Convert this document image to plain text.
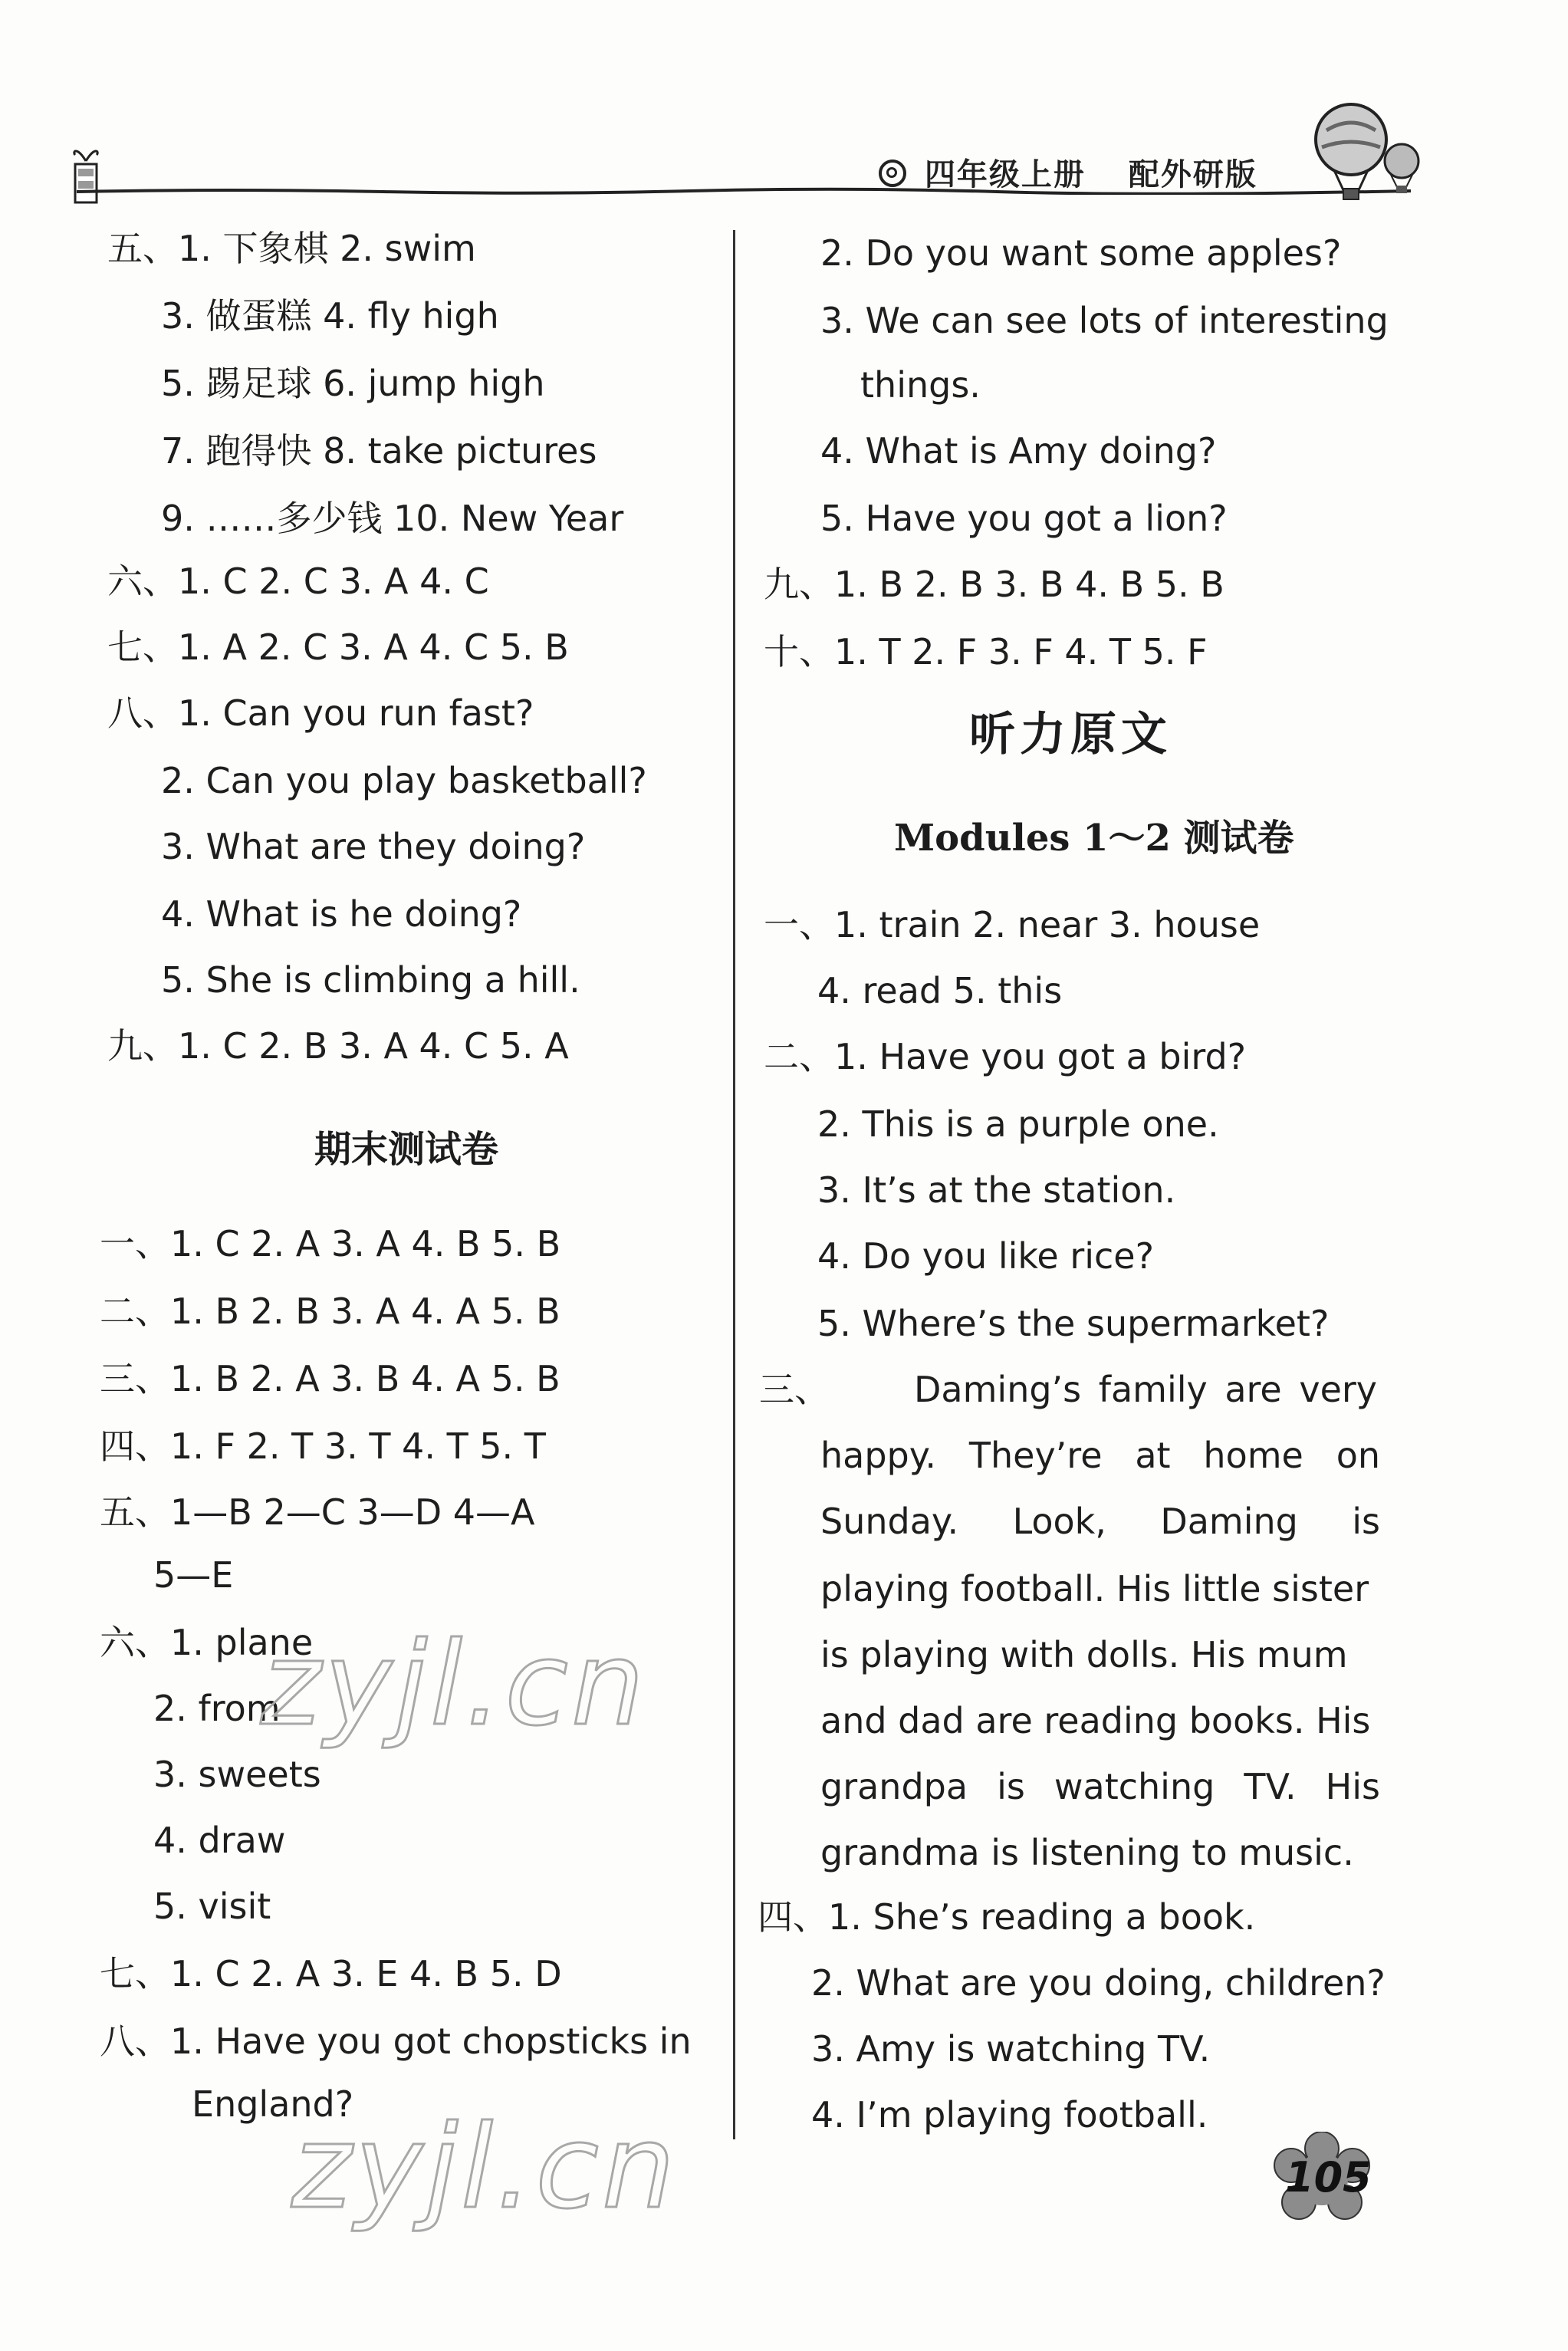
四年级上册 配外研版
五、1. 下象棋 2. swim
3. 做蛋糕 4. fly high
5. 踢足球 6. jump high
7. 跑得快 8. take pictures
9. ……多少钱 10. New Year
六、1. C 2. C 3. A 4. C
七、1. A 2. C 3. A 4. C 5. B
八、1. Can you run fast?
2. Can you play basketball?
3. What are they doing?
4. What is he doing?
5. She is climbing a hill.
九、1. C 2. B 3. A 4. C 5. A
期末测试卷
一、1. C 2. A 3. A 4. B 5. B
二、1. B 2. B 3. A 4. A 5. B
三、1. B 2. A 3. B 4. A 5. B
四、1. F 2. T 3. T 4. T 5. T
五、1—B 2—C 3—D 4—A
5—E
六、1. plane
2. from
3. sweets
4. draw
5. visit
七、1. C 2. A 3. E 4. B 5. D
八、1. Have you got chopsticks in
England?
2. Do you want some apples?
3. We can see lots of interesting
things.
4. What is Amy doing?
5. Have you got a lion?
九、1. B 2. B 3. B 4. B 5. B
十、1. T 2. F 3. F 4. T 5. F
听力原文
Modules 1～2 测试卷
一、1. train 2. near 3. house
4. read 5. this
二、1. Have you got a bird?
2. This is a purple one.
3. It’s at the station.
4. Do you like rice?
5. Where’s the supermarket?
三、 Daming’s family are very
happy. They’re at home on
Sunday. Look, Daming is
playing football. His little sister
is playing with dolls. His mum
and dad are reading books. His
grandpa is watching TV. His
grandma is listening to music.
四、1. She’s reading a book.
2. What are you doing, children?
3. Amy is watching TV.
4. I’m playing football.
zyjl.cn
zyjl.cn	105
